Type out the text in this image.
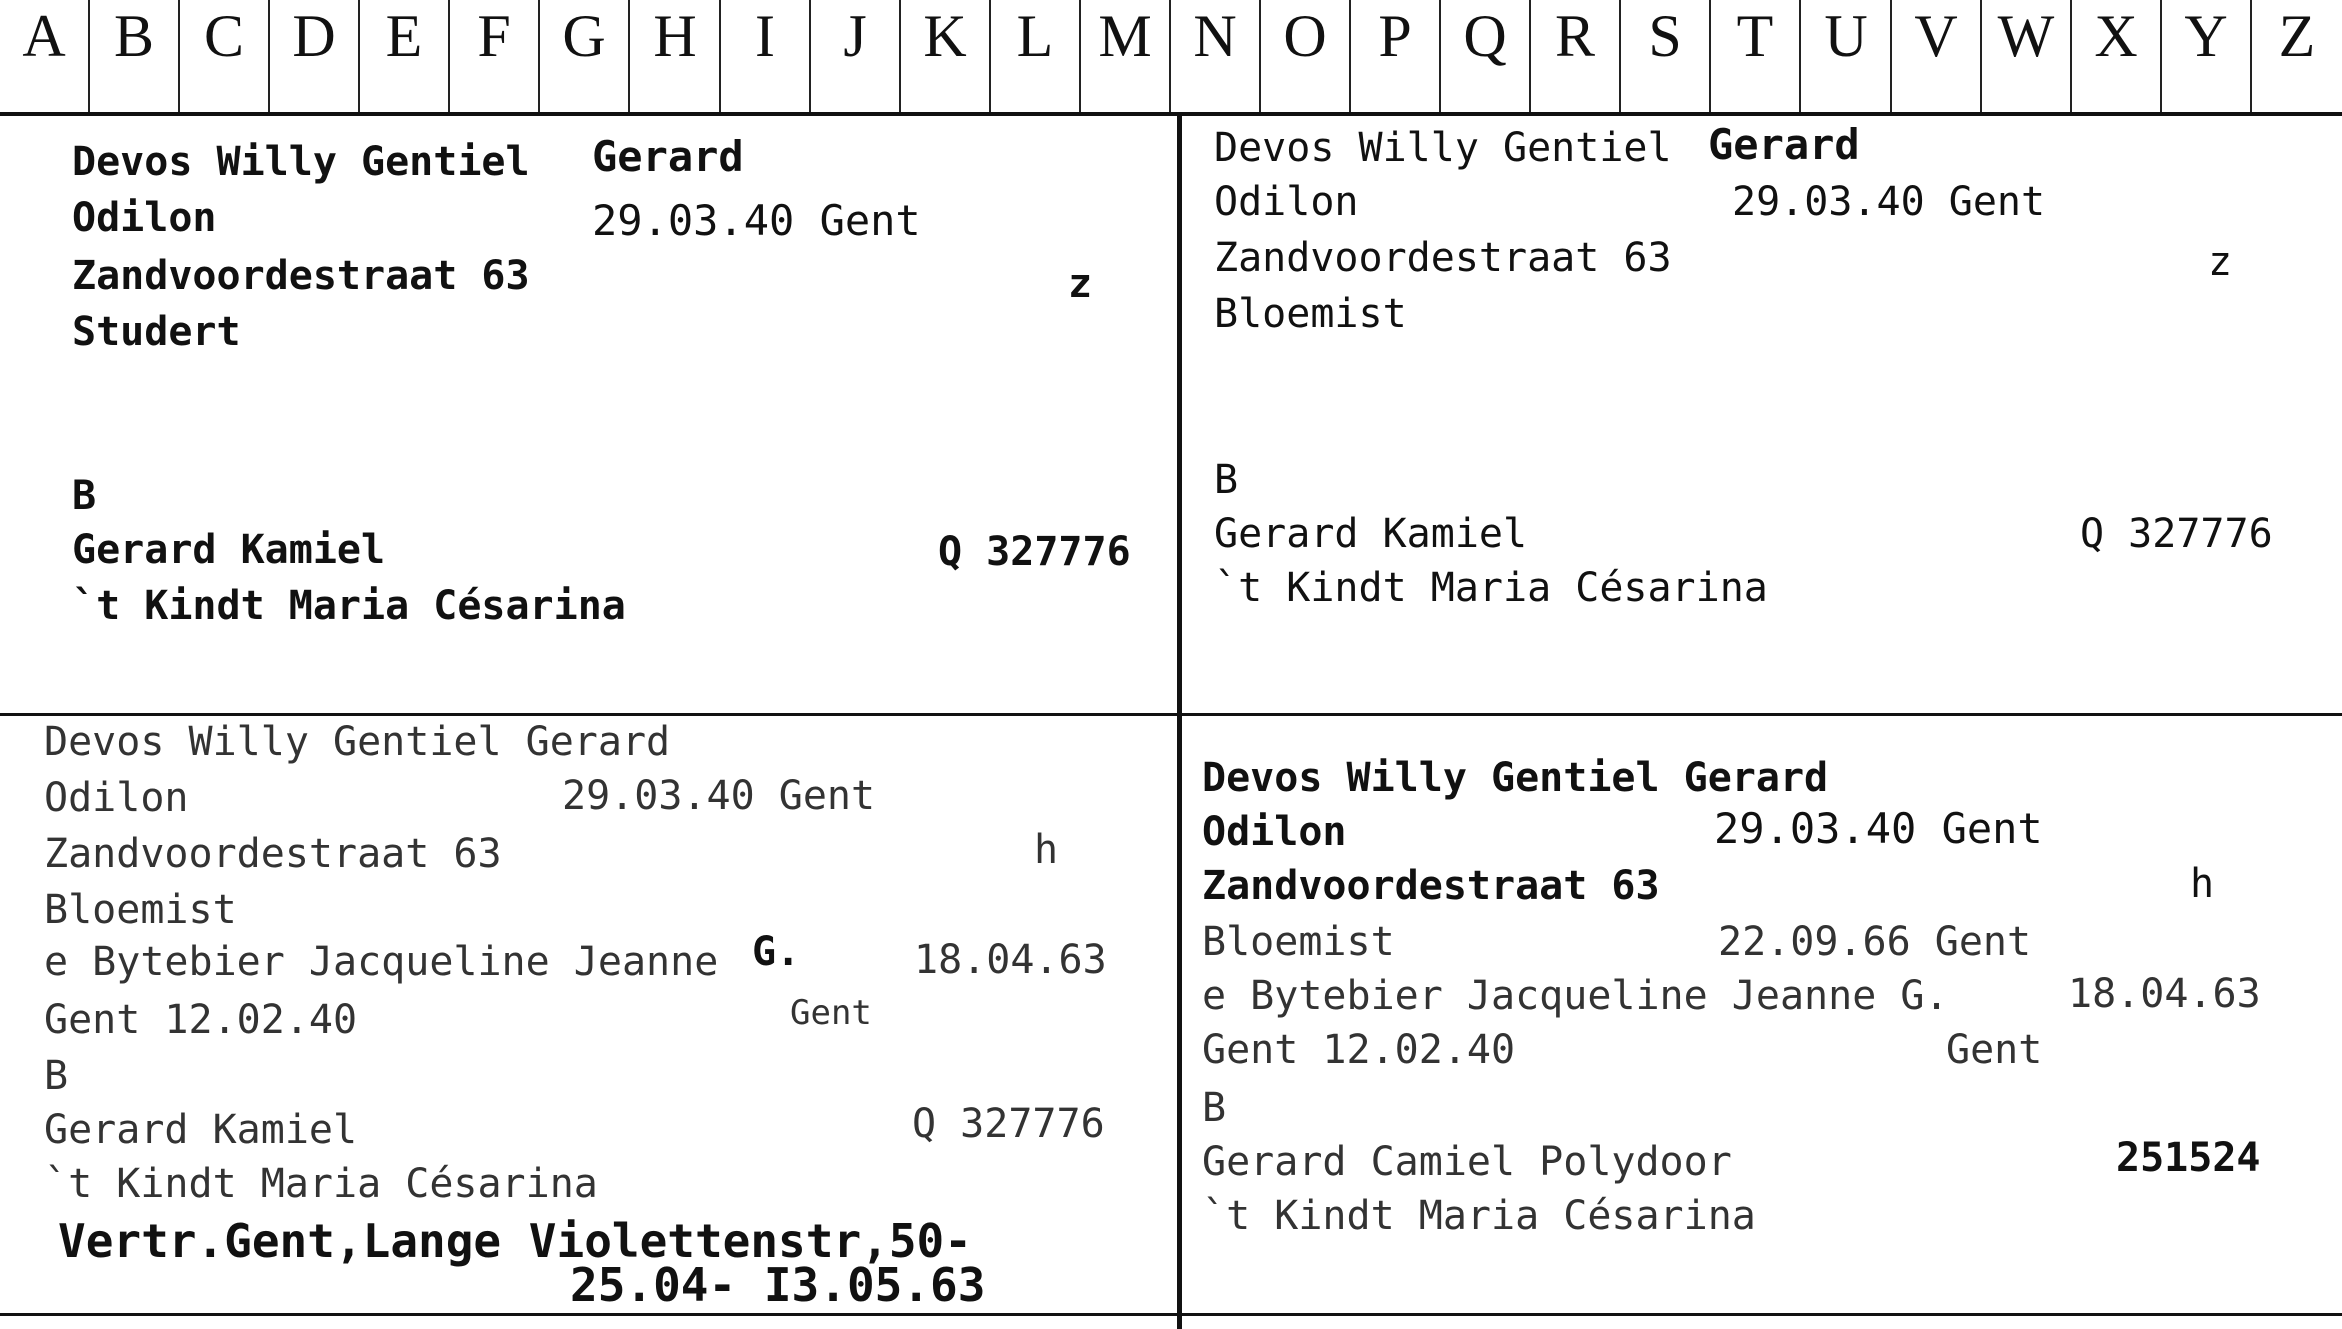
A B C D E F G H I	J K L M N O P Q R S T U V W X Y Z
Devos Willy Gentiel Gerard
Odilon	29.03.40 Gent
Zandvoordestraat 63	z
Studert
B
Gerard Kamiel	Q 327776
`t Kindt Maria Césarina
Devos Willy Gentiel Gerard
Odilon	29.03.40 Gent
Zandvoordestraat 63	z
Bloemist
B
Gerard Kamiel	Q 327776
`t Kindt Maria Césarina
Devos Willy Gentiel Gerard
Odilon	29.03.40 Gent
Zandvoordestraat 63	h
Bloemist
e Bytebier Jacqueline Jeanne G.	18.04.63
Gent 12.02.40	Gent
B
Gerard Kamiel	Q 327776
`t Kindt Maria Césarina
Vertr.Gent,Lange Violettenstr,50-
25.04- I3.05.63
Devos Willy Gentiel Gerard
Odilon	29.03.40 Gent
Zandvoordestraat 63	h
Bloemist	22.09.66 Gent
e Bytebier Jacqueline Jeanne G.	18.04.63
Gent 12.02.40	Gent
B
Gerard Camiel Polydoor	251524
`t Kindt Maria Césarina
